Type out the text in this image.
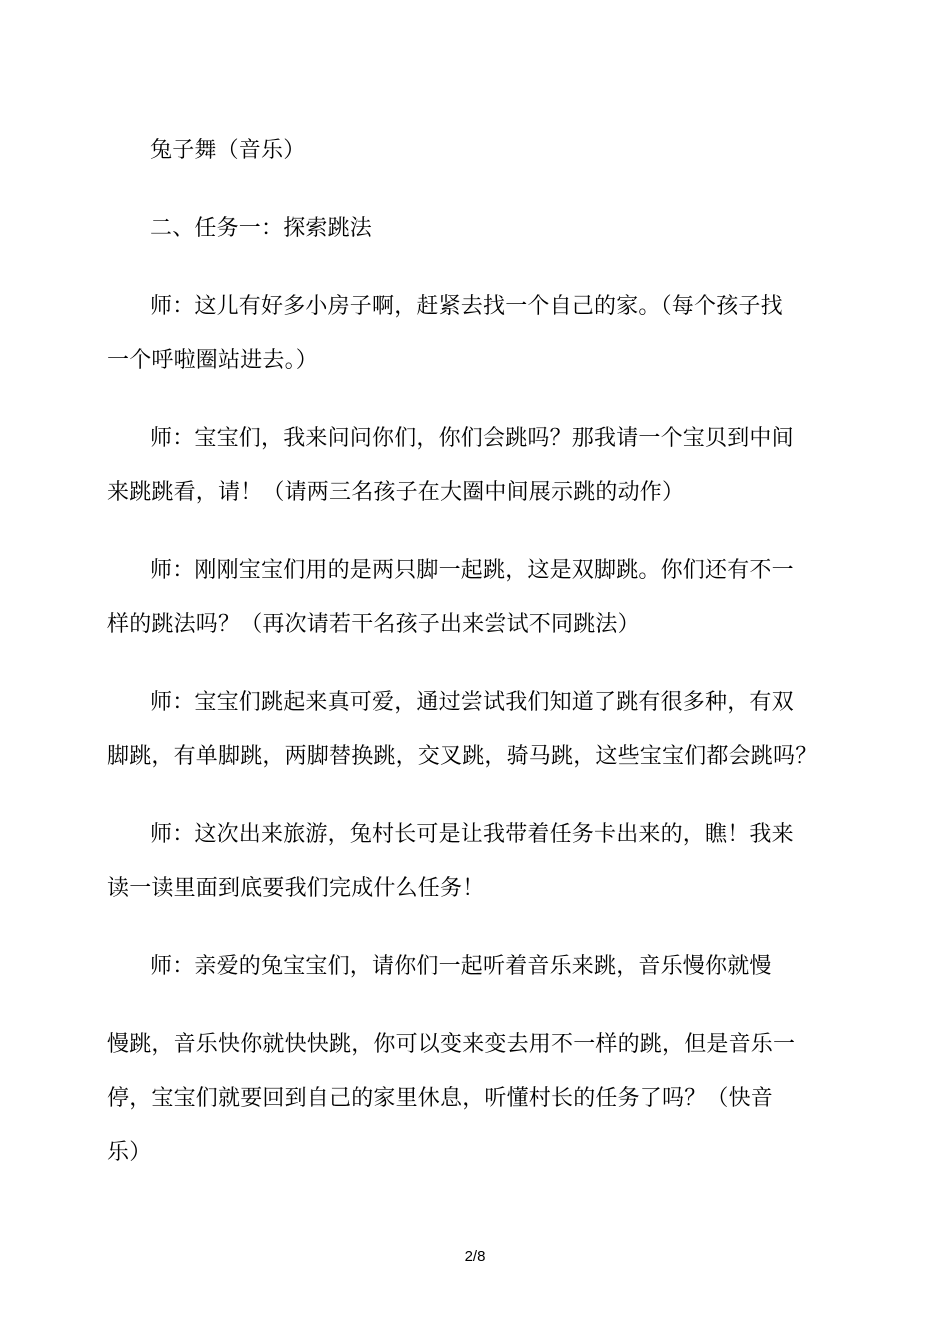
兔子舞（音乐）
二、任务一：探索跳法
师：这儿有好多小房子啊，赶紧去找一个自己的家。（每个孩子找
一个呼啦圈站进去。）
师：宝宝们，我来问问你们，你们会跳吗？那我请一个宝贝到中间
来跳跳看，请！（请两三名孩子在大圈中间展示跳的动作）
师：刚刚宝宝们用的是两只脚一起跳，这是双脚跳。你们还有不一
样的跳法吗？（再次请若干名孩子出来尝试不同跳法）
师：宝宝们跳起来真可爱，通过尝试我们知道了跳有很多种，有双
脚跳，有单脚跳，两脚替换跳，交叉跳，骑马跳，这些宝宝们都会跳吗？
师：这次出来旅游，兔村长可是让我带着任务卡出来的，瞧！我来
读一读里面到底要我们完成什么任务！
师：亲爱的兔宝宝们，请你们一起听着音乐来跳，音乐慢你就慢
慢跳，音乐快你就快快跳，你可以变来变去用不一样的跳，但是音乐一
停，宝宝们就要回到自己的家里休息，听懂村长的任务了吗？（快音
乐）
2/8
